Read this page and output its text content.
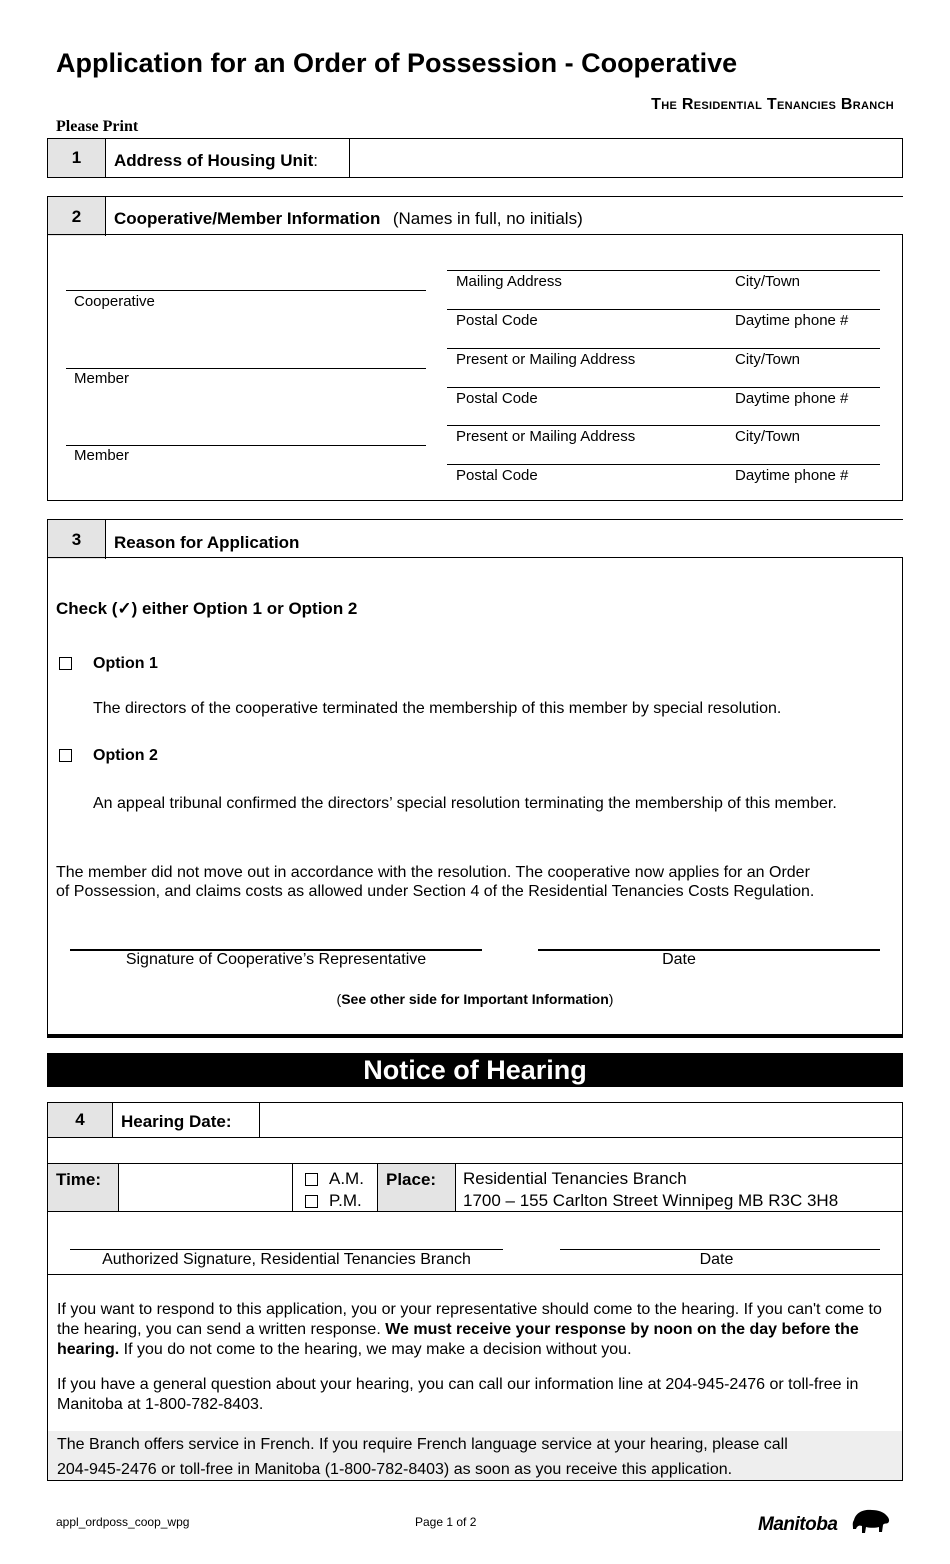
Application for an Order of Possession - Cooperative
The Residential Tenancies Branch
Please Print
1	Address of Housing Unit:
2	Cooperative/Member Information (Names in full, no initials)
Cooperative
Member
Member
Mailing Address	City/Town
Postal Code	Daytime phone #
Present or Mailing Address	City/Town
Postal Code	Daytime phone #
Present or Mailing Address	City/Town
Postal Code	Daytime phone #
3	Reason for Application
Check (✓) either Option 1 or Option 2
Option 1
The directors of the cooperative terminated the membership of this member by special resolution.
Option 2
An appeal tribunal confirmed the directors’ special resolution terminating the membership of this member.
The member did not move out in accordance with the resolution. The cooperative now applies for an Order
of Possession, and claims costs as allowed under Section 4 of the Residential Tenancies Costs Regulation.
Signature of Cooperative’s Representative	Date
(See other side for Important Information)
Notice of Hearing
4	Hearing Date:
Time:	A.M.
P.M.
Place: Residential Tenancies Branch
1700 – 155 Carlton Street Winnipeg MB R3C 3H8
Authorized Signature, Residential Tenancies Branch	Date
If you want to respond to this application, you or your representative should come to the hearing. If you can't come to the hearing, you can send a written response. We must receive your response by noon on the day before the hearing. If you do not come to the hearing, we may make a decision without you.
If you have a general question about your hearing, you can call our information line at 204-945-2476 or toll-free in Manitoba at 1-800-782-8403.
The Branch offers service in French. If you require French language service at your hearing, please call
204-945-2476 or toll-free in Manitoba (1-800-782-8403) as soon as you receive this application.
appl_ordposs_coop_wpg	Page 1 of 2	Manitoba
